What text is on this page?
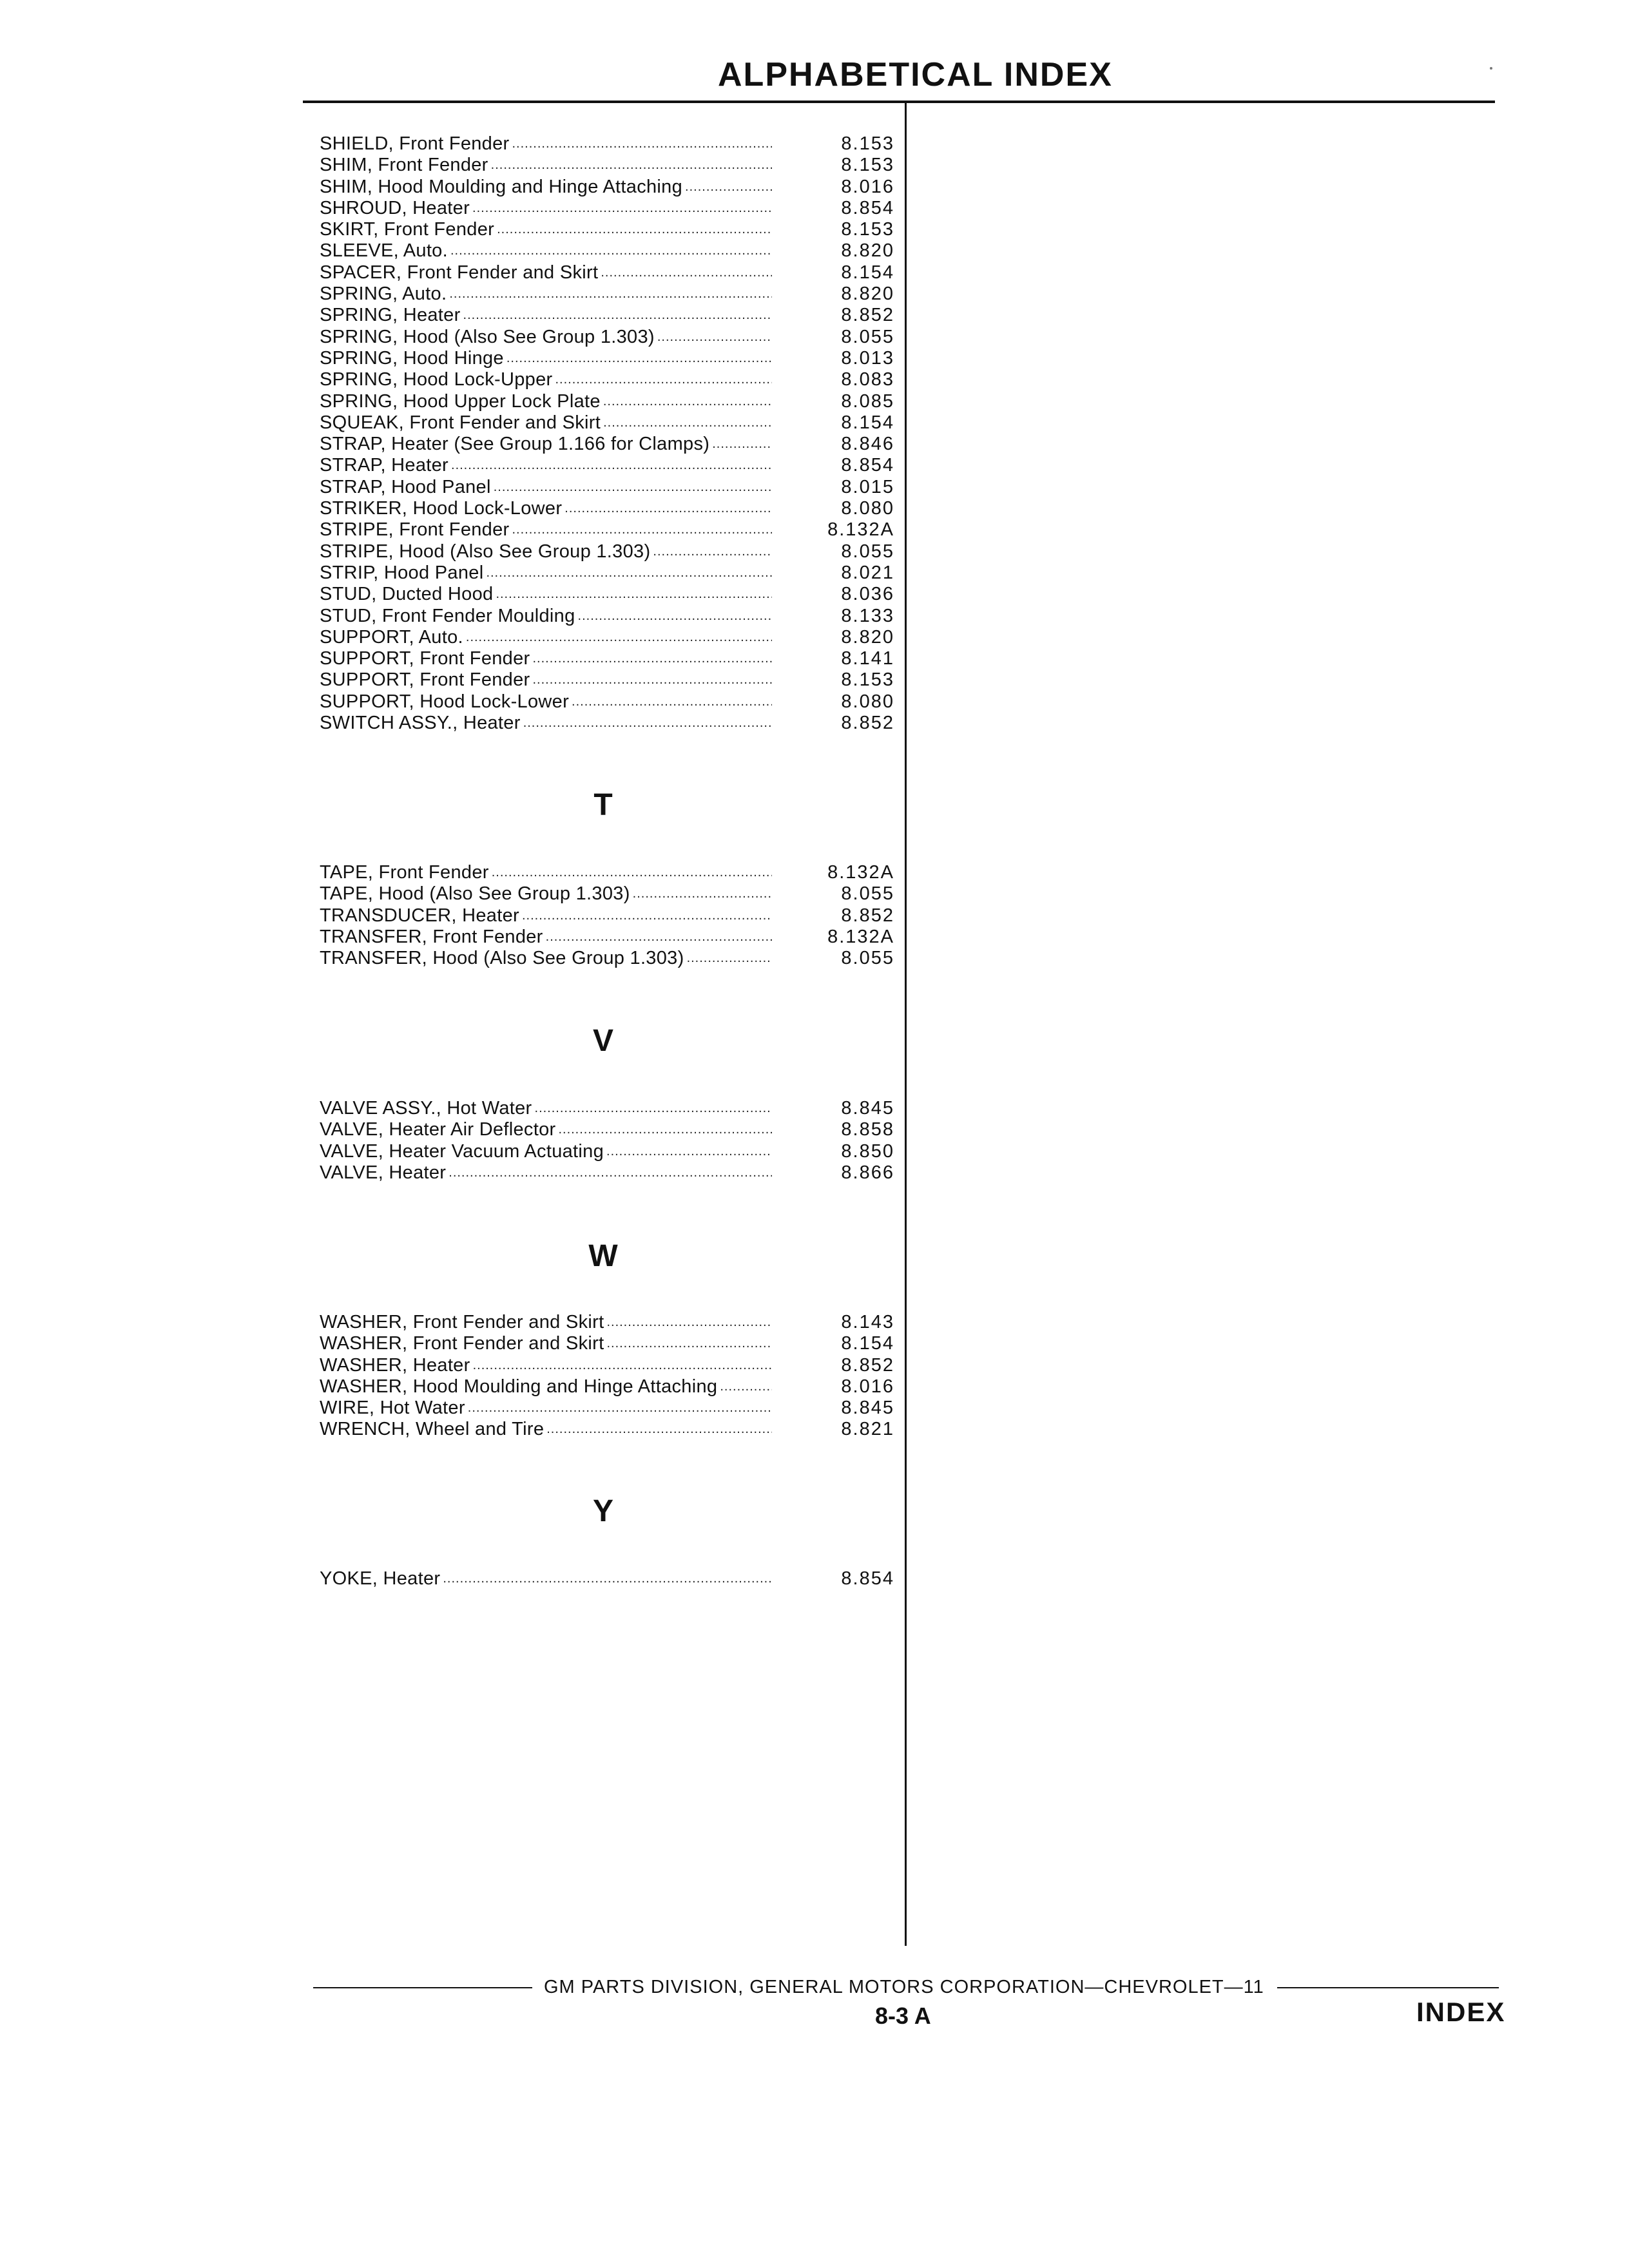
ALPHABETICAL INDEX
SHIELD, Front Fender .....	8.153
SHIM, Front Fender .....	8.153
SHIM, Hood Moulding and Hinge Attaching .....	8.016
SHROUD, Heater .....	8.854
SKIRT, Front Fender .....	8.153
SLEEVE, Auto. .....	8.820
SPACER, Front Fender and Skirt .....	8.154
SPRING, Auto. .....	8.820
SPRING, Heater .....	8.852
SPRING, Hood (Also See Group 1.303) .....	8.055
SPRING, Hood Hinge .....	8.013
SPRING, Hood Lock-Upper .....	8.083
SPRING, Hood Upper Lock Plate .....	8.085
SQUEAK, Front Fender and Skirt .....	8.154
STRAP, Heater (See Group 1.166 for Clamps) .....	8.846
STRAP, Heater .....	8.854
STRAP, Hood Panel .....	8.015
STRIKER, Hood Lock-Lower .....	8.080
STRIPE, Front Fender .....	8.132A
STRIPE, Hood (Also See Group 1.303) .....	8.055
STRIP, Hood Panel .....	8.021
STUD, Ducted Hood .....	8.036
STUD, Front Fender Moulding .....	8.133
SUPPORT, Auto. .....	8.820
SUPPORT, Front Fender .....	8.141
SUPPORT, Front Fender .....	8.153
SUPPORT, Hood Lock-Lower .....	8.080
SWITCH ASSY., Heater .....	8.852
T
TAPE, Front Fender .....	8.132A
TAPE, Hood (Also See Group 1.303) .....	8.055
TRANSDUCER, Heater .....	8.852
TRANSFER, Front Fender .....	8.132A
TRANSFER, Hood (Also See Group 1.303) .....	8.055
V
VALVE ASSY., Hot Water .....	8.845
VALVE, Heater Air Deflector .....	8.858
VALVE, Heater Vacuum Actuating .....	8.850
VALVE, Heater .....	8.866
W
WASHER, Front Fender and Skirt .....	8.143
WASHER, Front Fender and Skirt .....	8.154
WASHER, Heater .....	8.852
WASHER, Hood Moulding and Hinge Attaching .....	8.016
WIRE, Hot Water .....	8.845
WRENCH, Wheel and Tire .....	8.821
Y
YOKE, Heater .....	8.854
GM PARTS DIVISION, GENERAL MOTORS CORPORATION—CHEVROLET—11
8-3 A	INDEX
